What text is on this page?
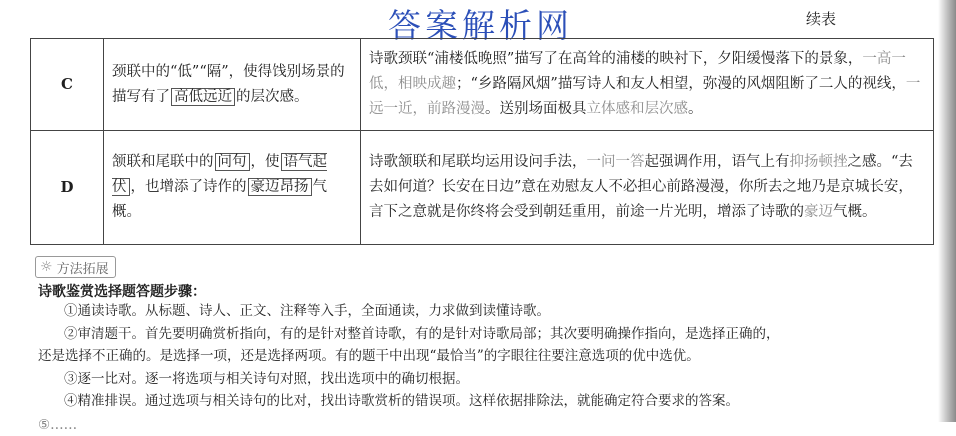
答案解析网	续表
C	颈联中的“低”“隔”，使得饯别场景的描写有了 高低远近 的层次感。	诗歌颈联“浦楼低晚照”描写了在高耸的浦楼的映衬下，夕阳缓慢落下的景象，一高一低，相映成趣；“乡路隔风烟”描写诗人和友人相望，弥漫的风烟阻断了二人的视线，一远一近，前路漫漫。送别场面极具立体感和层次感。
D	颔联和尾联中的 问句 ，使 语气起伏 ，也增添了诗作的 豪迈昂扬 气概。	诗歌颔联和尾联均运用设问手法，一问一答起强调作用，语气上有抑扬顿挫之感。“去去如何道？长安在日边”意在劝慰友人不必担心前路漫漫，你所去之地乃是京城长安，言下之意就是你终将会受到朝廷重用，前途一片光明，增添了诗歌的豪迈气概。
☼ 方法拓展
诗歌鉴赏选择题答题步骤：

①通读诗歌。从标题、诗人、正文、注释等入手，全面通读，力求做到读懂诗歌。

②审清题干。首先要明确赏析指向，有的是针对整首诗歌，有的是针对诗歌局部；其次要明确操作指向，是选择正确的，

还是选择不正确的。是选择一项，还是选择两项。有的题干中出现“最恰当”的字眼往往要注意选项的优中选优。

③逐一比对。逐一将选项与相关诗句对照，找出选项中的确切根据。

④精准排误。通过选项与相关诗句的比对，找出诗歌赏析的错误项。这样依据排除法，就能确定符合要求的答案。

⑤……
